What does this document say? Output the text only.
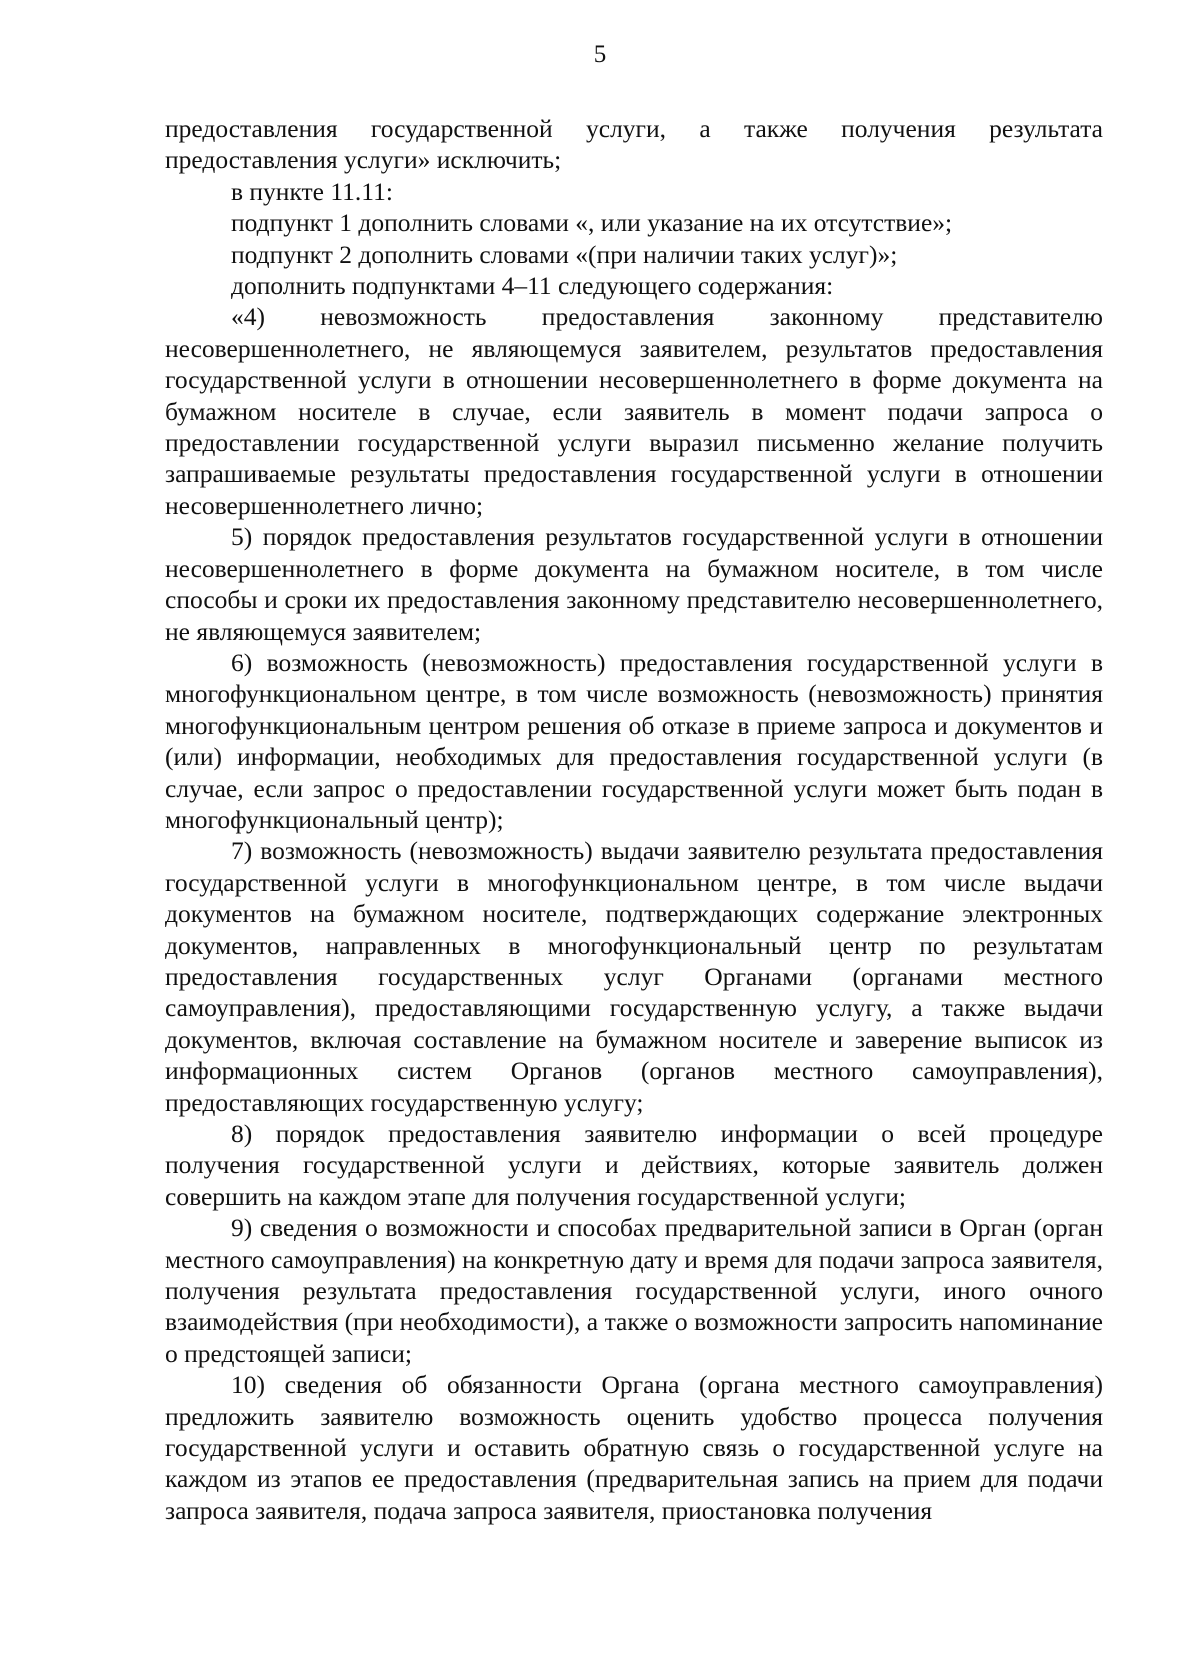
5

предоставления государственной услуги, а также получения результата предоставления услуги» исключить;

в пункте 11.11:

подпункт 1 дополнить словами «, или указание на их отсутствие»;

подпункт 2 дополнить словами «(при наличии таких услуг)»;

дополнить подпунктами 4–11 следующего содержания:

«4) невозможность предоставления законному представителю несовершеннолетнего, не являющемуся заявителем, результатов предоставления государственной услуги в отношении несовершеннолетнего в форме документа на бумажном носителе в случае, если заявитель в момент подачи запроса о предоставлении государственной услуги выразил письменно желание получить запрашиваемые результаты предоставления государственной услуги в отношении несовершеннолетнего лично;

5) порядок предоставления результатов государственной услуги в отношении несовершеннолетнего в форме документа на бумажном носителе, в том числе способы и сроки их предоставления законному представителю несовершеннолетнего, не являющемуся заявителем;

6) возможность (невозможность) предоставления государственной услуги в многофункциональном центре, в том числе возможность (невозможность) принятия многофункциональным центром решения об отказе в приеме запроса и документов и (или) информации, необходимых для предоставления государственной услуги (в случае, если запрос о предоставлении государственной услуги может быть подан в многофункциональный центр);

7) возможность (невозможность) выдачи заявителю результата предоставления государственной услуги в многофункциональном центре, в том числе выдачи документов на бумажном носителе, подтверждающих содержание электронных документов, направленных в многофункциональный центр по результатам предоставления государственных услуг Органами (органами местного самоуправления), предоставляющими государственную услугу, а также выдачи документов, включая составление на бумажном носителе и заверение выписок из информационных систем Органов (органов местного самоуправления), предоставляющих государственную услугу;

8) порядок предоставления заявителю информации о всей процедуре получения государственной услуги и действиях, которые заявитель должен совершить на каждом этапе для получения государственной услуги;

9) сведения о возможности и способах предварительной записи в Орган (орган местного самоуправления) на конкретную дату и время для подачи запроса заявителя, получения результата предоставления государственной услуги, иного очного взаимодействия (при необходимости), а также о возможности запросить напоминание о предстоящей записи;

10) сведения об обязанности Органа (органа местного самоуправления) предложить заявителю возможность оценить удобство процесса получения государственной услуги и оставить обратную связь о государственной услуге на каждом из этапов ее предоставления (предварительная запись на прием для подачи запроса заявителя, подача запроса заявителя, приостановка получения
